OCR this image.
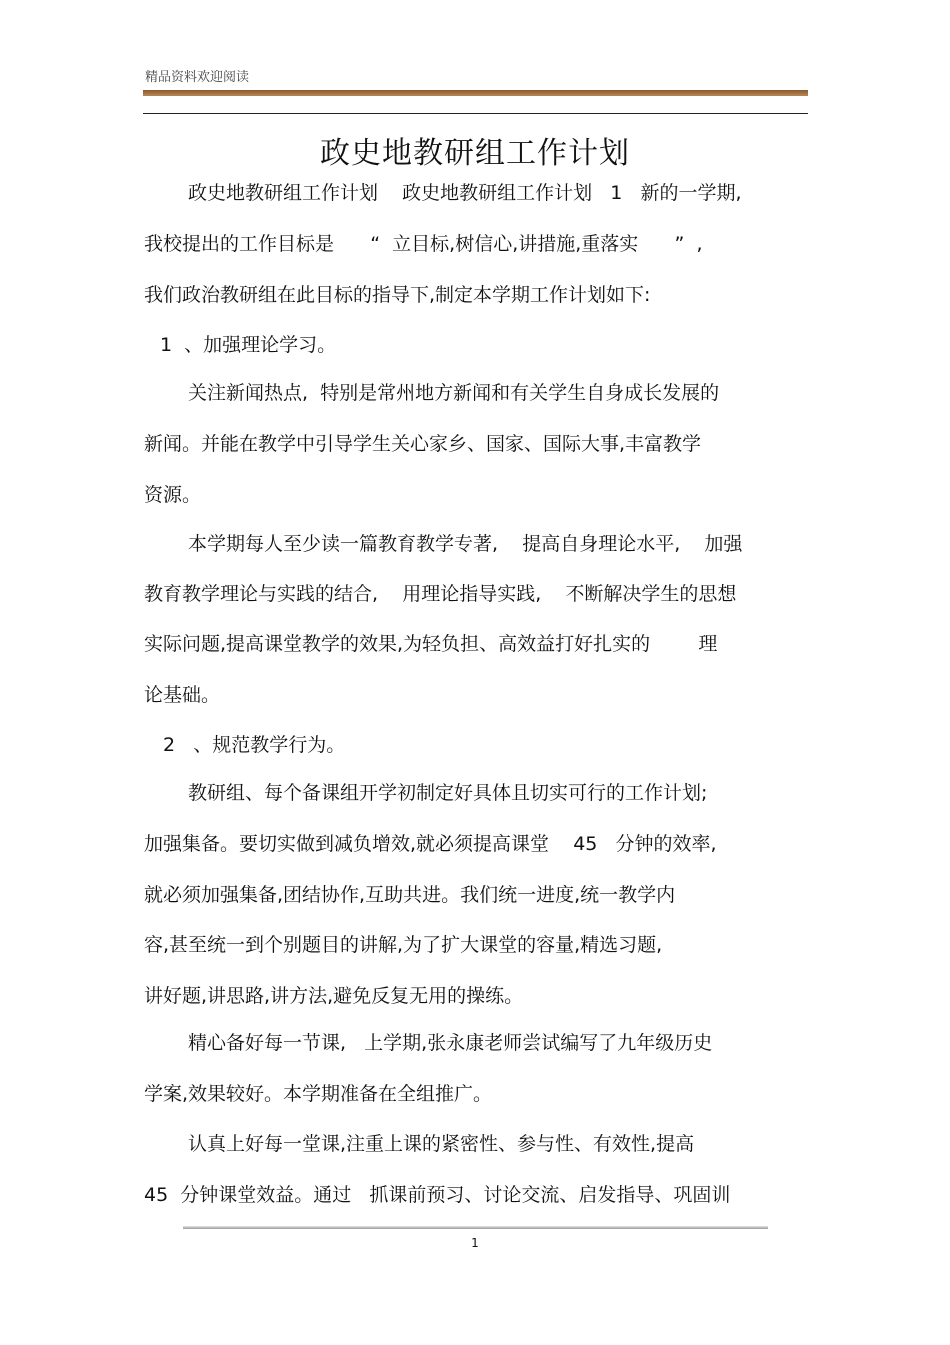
精品资料欢迎阅读
政史地教研组工作计划
政史地教研组工作计划    政史地教研组工作计划   1   新的一学期,
我校提出的工作目标是      “  立目标,树信心,讲措施,重落实      ”  ,
我们政治教研组在此目标的指导下,制定本学期工作计划如下:
1  、加强理论学习。
关注新闻热点,  特别是常州地方新闻和有关学生自身成长发展的
新闻。并能在教学中引导学生关心家乡、国家、国际大事,丰富教学
资源。
本学期每人至少读一篇教育教学专著,    提高自身理论水平,    加强
教育教学理论与实践的结合,    用理论指导实践,    不断解决学生的思想
实际问题,提高课堂教学的效果,为轻负担、高效益打好扎实的        理
论基础。
2   、规范教学行为。
教研组、每个备课组开学初制定好具体且切实可行的工作计划;
加强集备。要切实做到减负增效,就必须提高课堂    45   分钟的效率,
就必须加强集备,团结协作,互助共进。我们统一进度,统一教学内
容,甚至统一到个别题目的讲解,为了扩大课堂的容量,精选习题,
讲好题,讲思路,讲方法,避免反复无用的操练。
精心备好每一节课,   上学期,张永康老师尝试编写了九年级历史
学案,效果较好。本学期准备在全组推广。
认真上好每一堂课,注重上课的紧密性、参与性、有效性,提高
45  分钟课堂效益。通过   抓课前预习、讨论交流、启发指导、巩固训
1
